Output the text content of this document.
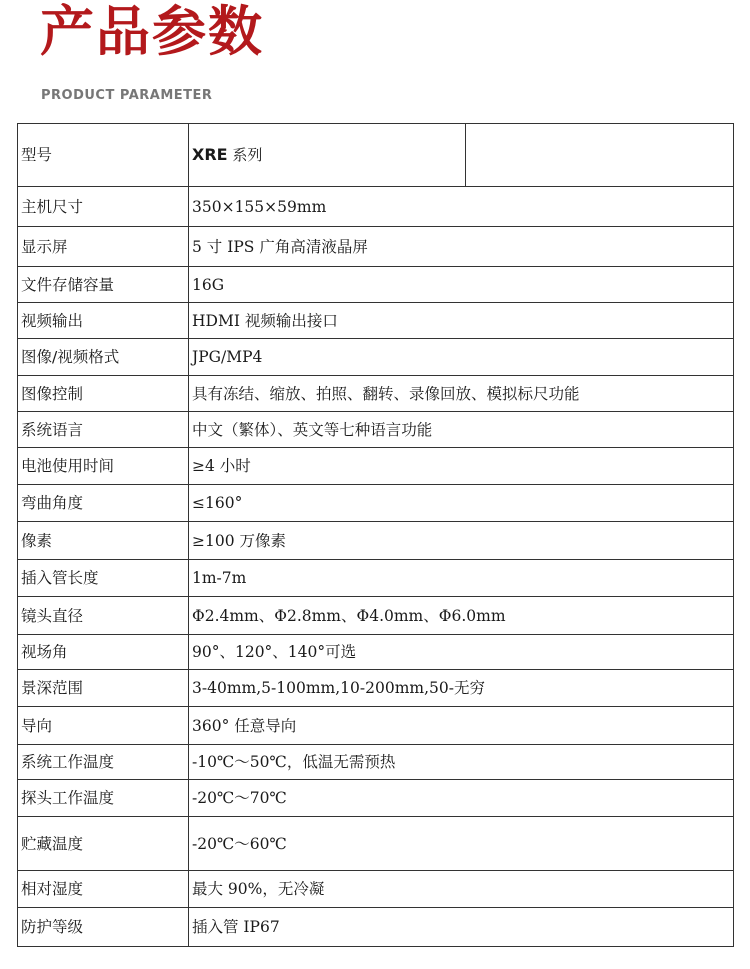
产品参数
PRODUCT PARAMETER
型号	XRE 系列	
主机尺寸	350×155×59mm	
显示屏	5 寸 IPS 广角高清液晶屏	
文件存储容量	16G	
视频输出	HDMI 视频输出接口	
图像/视频格式	JPG/MP4	
图像控制	具有冻结、缩放、拍照、翻转、录像回放、模拟标尺功能	
系统语言	中文（繁体）、英文等七种语言功能	
电池使用时间	≥4 小时	
弯曲角度	≤160°	
像素	≥100 万像素	
插入管长度	1m-7m	
镜头直径	Φ2.4mm、Φ2.8mm、Φ4.0mm、Φ6.0mm	
视场角	90°、120°、140°可选	
景深范围	3-40mm,5-100mm,10-200mm,50-无穷	
导向	360° 任意导向	
系统工作温度	-10℃～50℃，低温无需预热	
探头工作温度	-20℃～70℃	
贮藏温度	-20℃～60℃	
相对湿度	最大 90%，无冷凝	
防护等级	插入管 IP67	
